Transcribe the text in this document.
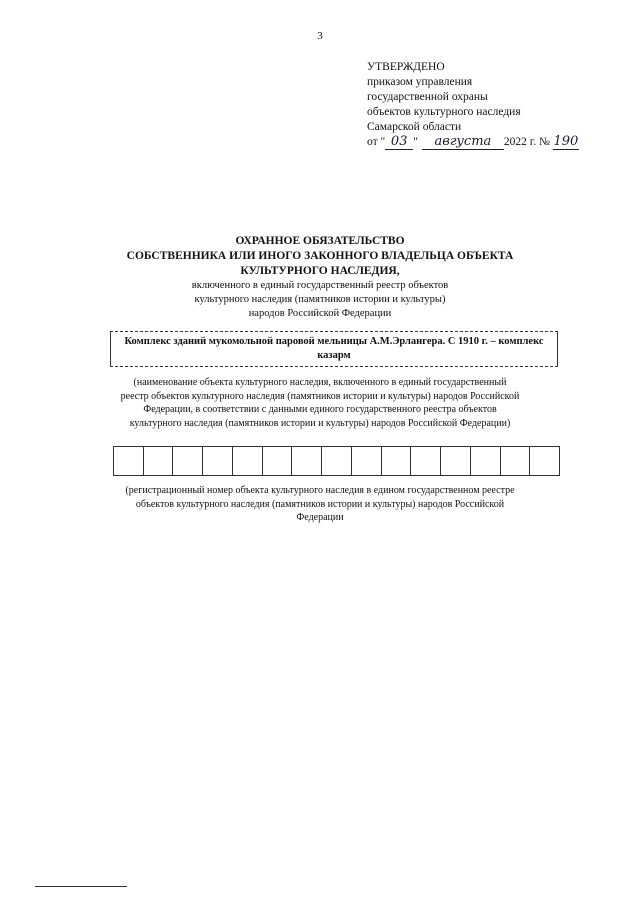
3
УТВЕРЖДЕНО
приказом управления
государственной охраны
объектов культурного наследия
Самарской области
от " 03 "	августа	2022 г. № 190
ОХРАННОЕ ОБЯЗАТЕЛЬСТВО
СОБСТВЕННИКА ИЛИ ИНОГО ЗАКОННОГО ВЛАДЕЛЬЦА ОБЪЕКТА
КУЛЬТУРНОГО НАСЛЕДИЯ,
включенного в единый государственный реестр объектов
культурного наследия (памятников истории и культуры)
народов Российской Федерации
Комплекс зданий мукомольной паровой мельницы А.М.Эрлангера. С 1910 г. – комплекс
казарм
(наименование объекта культурного наследия, включенного в единый государственный
реестр объектов культурного наследия (памятников истории и культуры) народов Российской
Федерации, в соответствии с данными единого государственного реестра объектов
культурного наследия (памятников истории и культуры) народов Российской Федерации)
(регистрационный номер объекта культурного наследия в едином государственном реестре
объектов культурного наследия (памятников истории и культуры) народов Российской
Федерации
